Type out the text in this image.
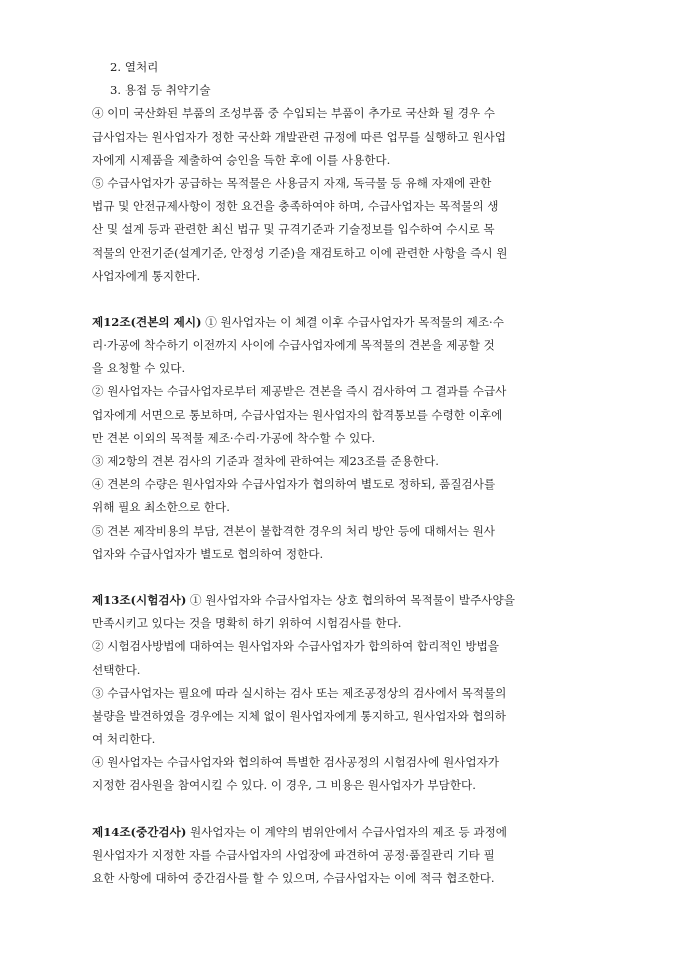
2. 열처리
3. 용접 등 취약기술
④ 이미 국산화된 부품의 조성부품 중 수입되는 부품이 추가로 국산화 될 경우 수
급사업자는 원사업자가 정한 국산화 개발관련 규정에 따른 업무를 실행하고 원사업
자에게 시제품을 제출하여 승인을 득한 후에 이를 사용한다.
⑤ 수급사업자가 공급하는 목적물은 사용금지 자재, 독극물 등 유해 자재에 관한
법규 및 안전규제사항이 정한 요건을 충족하여야 하며, 수급사업자는 목적물의 생
산 및 설계 등과 관련한 최신 법규 및 규격기준과 기술정보를 입수하여 수시로 목
적물의 안전기준(설계기준, 안정성 기준)을 재검토하고 이에 관련한 사항을 즉시 원
사업자에게 통지한다.
제12조(견본의 제시) ① 원사업자는 이 체결 이후 수급사업자가 목적물의 제조·수
리·가공에 착수하기 이전까지 사이에 수급사업자에게 목적물의 견본을 제공할 것
을 요청할 수 있다.
② 원사업자는 수급사업자로부터 제공받은 견본을 즉시 검사하여 그 결과를 수급사
업자에게 서면으로 통보하며, 수급사업자는 원사업자의 합격통보를 수령한 이후에
만 견본 이외의 목적물 제조·수리·가공에 착수할 수 있다.
③ 제2항의 견본 검사의 기준과 절차에 관하여는 제23조를 준용한다.
④ 견본의 수량은 원사업자와 수급사업자가 협의하여 별도로 정하되, 품질검사를
위해 필요 최소한으로 한다.
⑤ 견본 제작비용의 부담, 견본이 불합격한 경우의 처리 방안 등에 대해서는 원사
업자와 수급사업자가 별도로 협의하여 정한다.
제13조(시험검사) ① 원사업자와 수급사업자는 상호 협의하여 목적물이 발주사양을
만족시키고 있다는 것을 명확히 하기 위하여 시험검사를 한다.
② 시험검사방법에 대하여는 원사업자와 수급사업자가 합의하여 합리적인 방법을
선택한다.
③ 수급사업자는 필요에 따라 실시하는 검사 또는 제조공정상의 검사에서 목적물의
불량을 발견하였을 경우에는 지체 없이 원사업자에게 통지하고, 원사업자와 협의하
여 처리한다.
④ 원사업자는 수급사업자와 협의하여 특별한 검사공정의 시험검사에 원사업자가
지정한 검사원을 참여시킬 수 있다. 이 경우, 그 비용은 원사업자가 부담한다.
제14조(중간검사) 원사업자는 이 계약의 범위안에서 수급사업자의 제조 등 과정에
원사업자가 지정한 자를 수급사업자의 사업장에 파견하여 공정·품질관리 기타 필
요한 사항에 대하여 중간검사를 할 수 있으며, 수급사업자는 이에 적극 협조한다.
